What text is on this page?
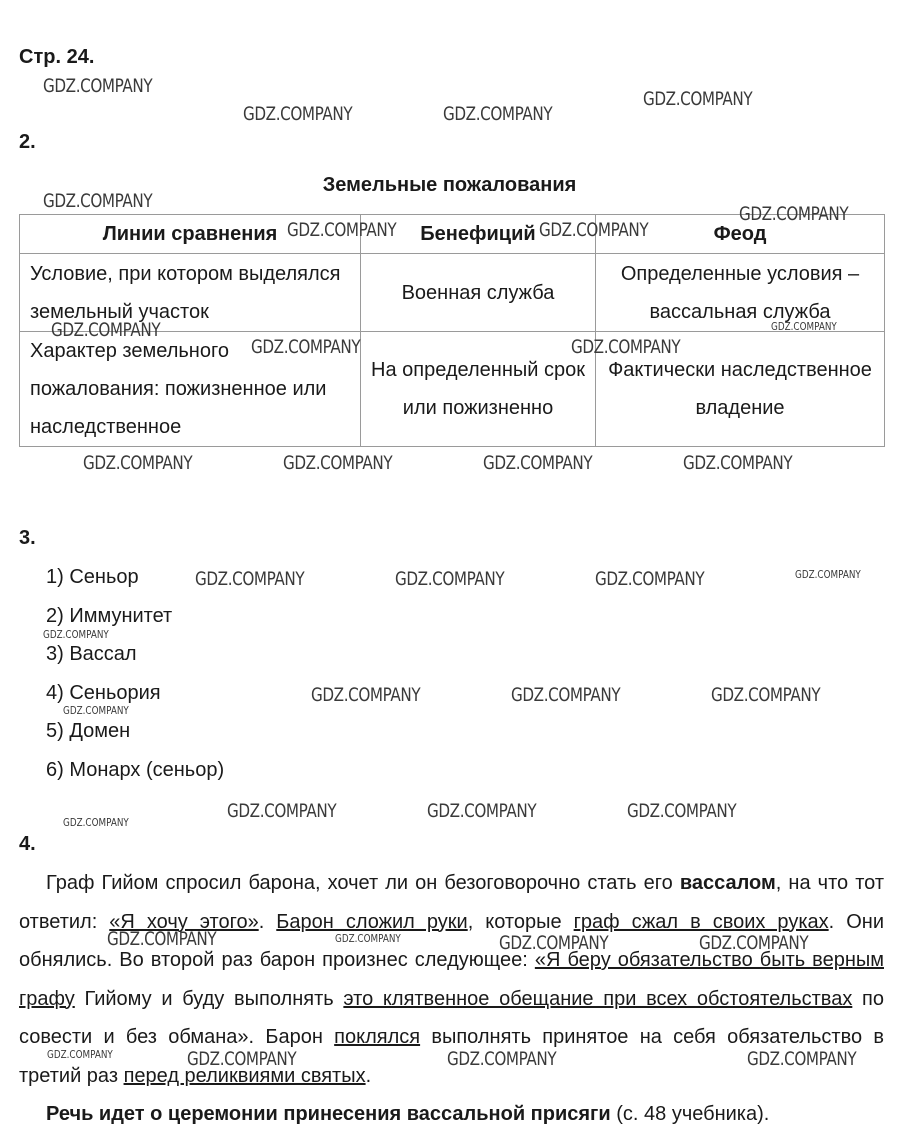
Стр. 24.
2.
Земельные пожалования
Линии сравнения	Бенефиций	Феод
Условие, при котором выделялся земельный участок	Военная служба	Определенные условия – вассальная служба
Характер земельного пожалования: пожизненное или наследственное	На определенный срок или пожизненно	Фактически наследственное владение
3.
1) Сеньор
2) Иммунитет
3) Вассал
4) Сеньория
5) Домен
6) Монарх (сеньор)
4.

Граф Гийом спросил барона, хочет ли он безоговорочно стать его вассалом, на что тот ответил: «Я хочу этого». Барон сложил руки, которые граф сжал в своих руках. Они обнялись. Во второй раз барон произнес следующее: «Я беру обязательство быть верным графу Гийому и буду выполнять это клятвенное обещание при всех обстоятельствах по совести и без обмана». Барон поклялся выполнять принятое на себя обязательство в третий раз перед реликвиями святых.

Речь идет о церемонии принесения вассальной присяги (с. 48 учебника).

GDZ.COMPANY
GDZ.COMPANY	GDZ.COMPANY
GDZ.COMPANY
GDZ.COMPANY
GDZ.COMPANY
GDZ.COMPANY	GDZ.COMPANY
GDZ.COMPANY	GDZ.COMPANY
GDZ.COMPANY	GDZ.COMPANY
GDZ.COMPANY	GDZ.COMPANY	GDZ.COMPANY	GDZ.COMPANY
GDZ.COMPANY	GDZ.COMPANY	GDZ.COMPANY	GDZ.COMPANY
GDZ.COMPANY
GDZ.COMPANY	GDZ.COMPANY	GDZ.COMPANY
GDZ.COMPANY
GDZ.COMPANY	GDZ.COMPANY	GDZ.COMPANY
GDZ.COMPANY
GDZ.COMPANY	GDZ.COMPANY	GDZ.COMPANY	GDZ.COMPANY
GDZ.COMPANY	GDZ.COMPANY	GDZ.COMPANY	GDZ.COMPANY
